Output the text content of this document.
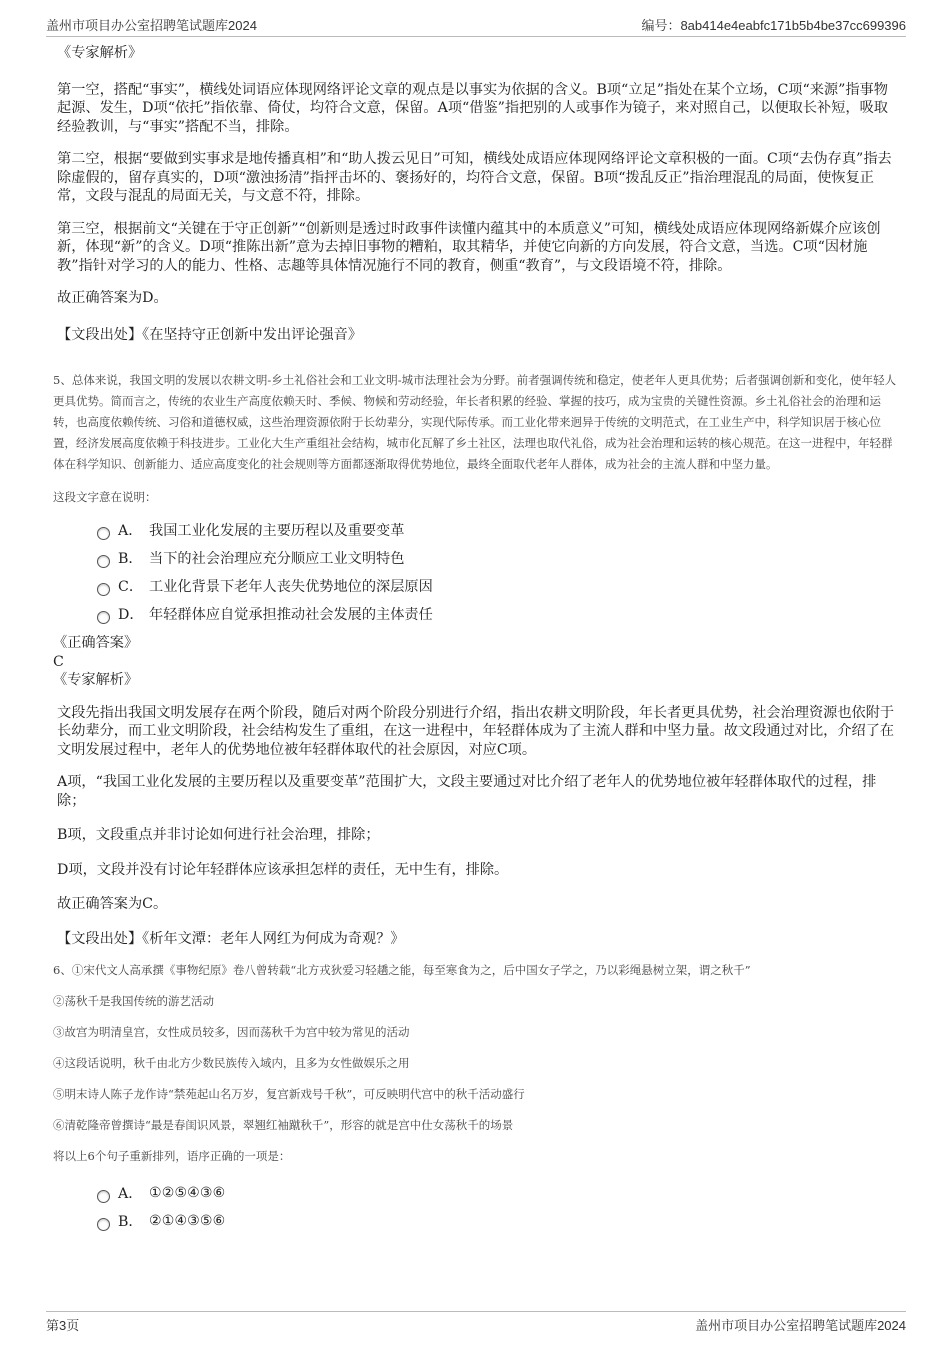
盖州市项目办公室招聘笔试题库2024	编号：8ab414e4eabfc171b5b4be37cc699396

《专家解析》

第一空，搭配“事实”，横线处词语应体现网络评论文章的观点是以事实为依据的含义。B项“立足”指处在某个立场，C项“来源”指事物起源、发生，D项“依托”指依靠、倚仗，均符合文意，保留。A项“借鉴”指把别的人或事作为镜子，来对照自己，以便取长补短，吸取经验教训，与“事实”搭配不当，排除。

第二空，根据“要做到实事求是地传播真相”和“助人拨云见日”可知，横线处成语应体现网络评论文章积极的一面。C项“去伪存真”指去除虚假的，留存真实的，D项“激浊扬清”指抨击坏的、褒扬好的，均符合文意，保留。B项“拨乱反正”指治理混乱的局面，使恢复正常，文段与混乱的局面无关，与文意不符，排除。

第三空，根据前文“关键在于守正创新”“创新则是透过时政事件读懂内蕴其中的本质意义”可知，横线处成语应体现网络新媒介应该创新，体现“新”的含义。D项“推陈出新”意为去掉旧事物的糟粕，取其精华，并使它向新的方向发展，符合文意，当选。C项“因材施教”指针对学习的人的能力、性格、志趣等具体情况施行不同的教育，侧重“教育”，与文段语境不符，排除。

故正确答案为D。

【文段出处】《在坚持守正创新中发出评论强音》

5、总体来说，我国文明的发展以农耕文明-乡土礼俗社会和工业文明-城市法理社会为分野。前者强调传统和稳定，使老年人更具优势；后者强调创新和变化，使年轻人更具优势。简而言之，传统的农业生产高度依赖天时、季候、物候和劳动经验，年长者积累的经验、掌握的技巧，成为宝贵的关键性资源。乡土礼俗社会的治理和运转，也高度依赖传统、习俗和道德权威，这些治理资源依附于长幼辈分，实现代际传承。而工业化带来迥异于传统的文明范式，在工业生产中，科学知识居于核心位置，经济发展高度依赖于科技进步。工业化大生产重组社会结构，城市化瓦解了乡土社区，法理也取代礼俗，成为社会治理和运转的核心规范。在这一进程中，年轻群体在科学知识、创新能力、适应高度变化的社会规则等方面都逐渐取得优势地位，最终全面取代老年人群体，成为社会的主流人群和中坚力量。

这段文字意在说明：

A． 我国工业化发展的主要历程以及重要变革
B． 当下的社会治理应充分顺应工业文明特色
C． 工业化背景下老年人丧失优势地位的深层原因
D． 年轻群体应自觉承担推动社会发展的主体责任

《正确答案》

C

《专家解析》

文段先指出我国文明发展存在两个阶段，随后对两个阶段分别进行介绍，指出农耕文明阶段，年长者更具优势，社会治理资源也依附于长幼辈分，而工业文明阶段，社会结构发生了重组，在这一进程中，年轻群体成为了主流人群和中坚力量。故文段通过对比，介绍了在文明发展过程中，老年人的优势地位被年轻群体取代的社会原因，对应C项。

A项，“我国工业化发展的主要历程以及重要变革”范围扩大，文段主要通过对比介绍了老年人的优势地位被年轻群体取代的过程，排除；

B项，文段重点并非讨论如何进行社会治理，排除；

D项，文段并没有讨论年轻群体应该承担怎样的责任，无中生有，排除。

故正确答案为C。

【文段出处】《析年文潭：老年人网红为何成为奇观？》

6、①宋代文人高承撰《事物纪原》卷八曾转载“北方戎狄爱习轻趫之能，每至寒食为之，后中国女子学之，乃以彩绳悬树立架，谓之秋千”

②荡秋千是我国传统的游艺活动

③故宫为明清皇宫，女性成员较多，因而荡秋千为宫中较为常见的活动

④这段话说明，秋千由北方少数民族传入域内，且多为女性做娱乐之用

⑤明末诗人陈子龙作诗“禁苑起山名万岁，复宫新戏号千秋”，可反映明代宫中的秋千活动盛行

⑥清乾隆帝曾撰诗“最是春闺识风景，翠翘红袖蹴秋千”，形容的就是宫中仕女荡秋千的场景

将以上6个句子重新排列，语序正确的一项是：

A． ①②⑤④③⑥
B． ②①④③⑤⑥
第3页	盖州市项目办公室招聘笔试题库2024
